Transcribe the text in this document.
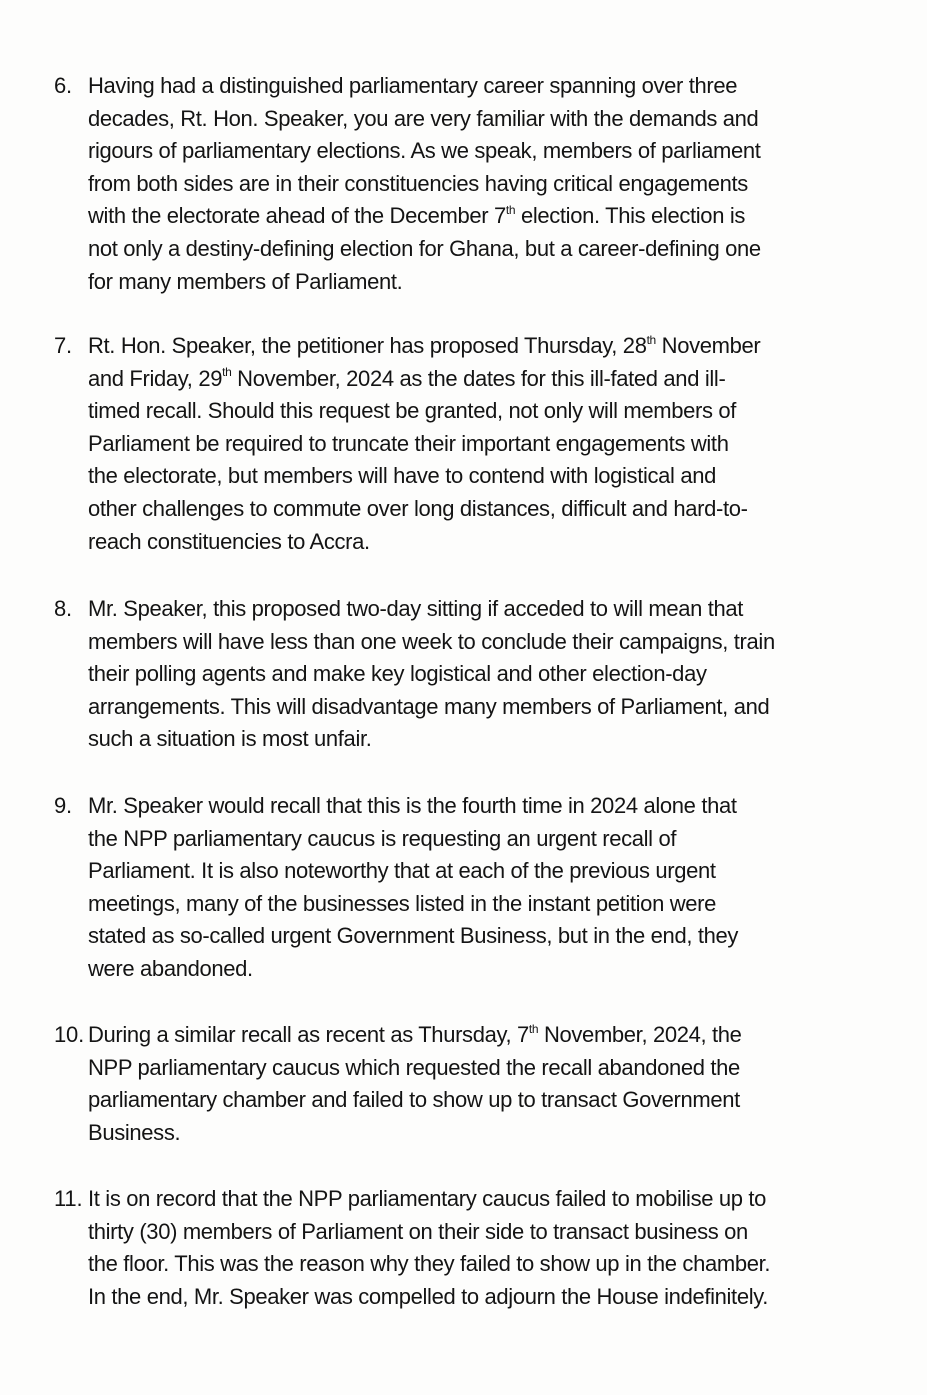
6. Having had a distinguished parliamentary career spanning over three
decades, Rt. Hon. Speaker, you are very familiar with the demands and
rigours of parliamentary elections. As we speak, members of parliament
from both sides are in their constituencies having critical engagements
with the electorate ahead of the December 7th election. This election is
not only a destiny-defining election for Ghana, but a career-defining one
for many members of Parliament.
7. Rt. Hon. Speaker, the petitioner has proposed Thursday, 28th November
and Friday, 29th November, 2024 as the dates for this ill-fated and ill-
timed recall. Should this request be granted, not only will members of
Parliament be required to truncate their important engagements with
the electorate, but members will have to contend with logistical and
other challenges to commute over long distances, difficult and hard-to-
reach constituencies to Accra.
8. Mr. Speaker, this proposed two-day sitting if acceded to will mean that
members will have less than one week to conclude their campaigns, train
their polling agents and make key logistical and other election-day
arrangements. This will disadvantage many members of Parliament, and
such a situation is most unfair.
9. Mr. Speaker would recall that this is the fourth time in 2024 alone that
the NPP parliamentary caucus is requesting an urgent recall of
Parliament. It is also noteworthy that at each of the previous urgent
meetings, many of the businesses listed in the instant petition were
stated as so-called urgent Government Business, but in the end, they
were abandoned.
10. During a similar recall as recent as Thursday, 7th November, 2024, the
NPP parliamentary caucus which requested the recall abandoned the
parliamentary chamber and failed to show up to transact Government
Business.
11. It is on record that the NPP parliamentary caucus failed to mobilise up to
thirty (30) members of Parliament on their side to transact business on
the floor. This was the reason why they failed to show up in the chamber.
In the end, Mr. Speaker was compelled to adjourn the House indefinitely.
